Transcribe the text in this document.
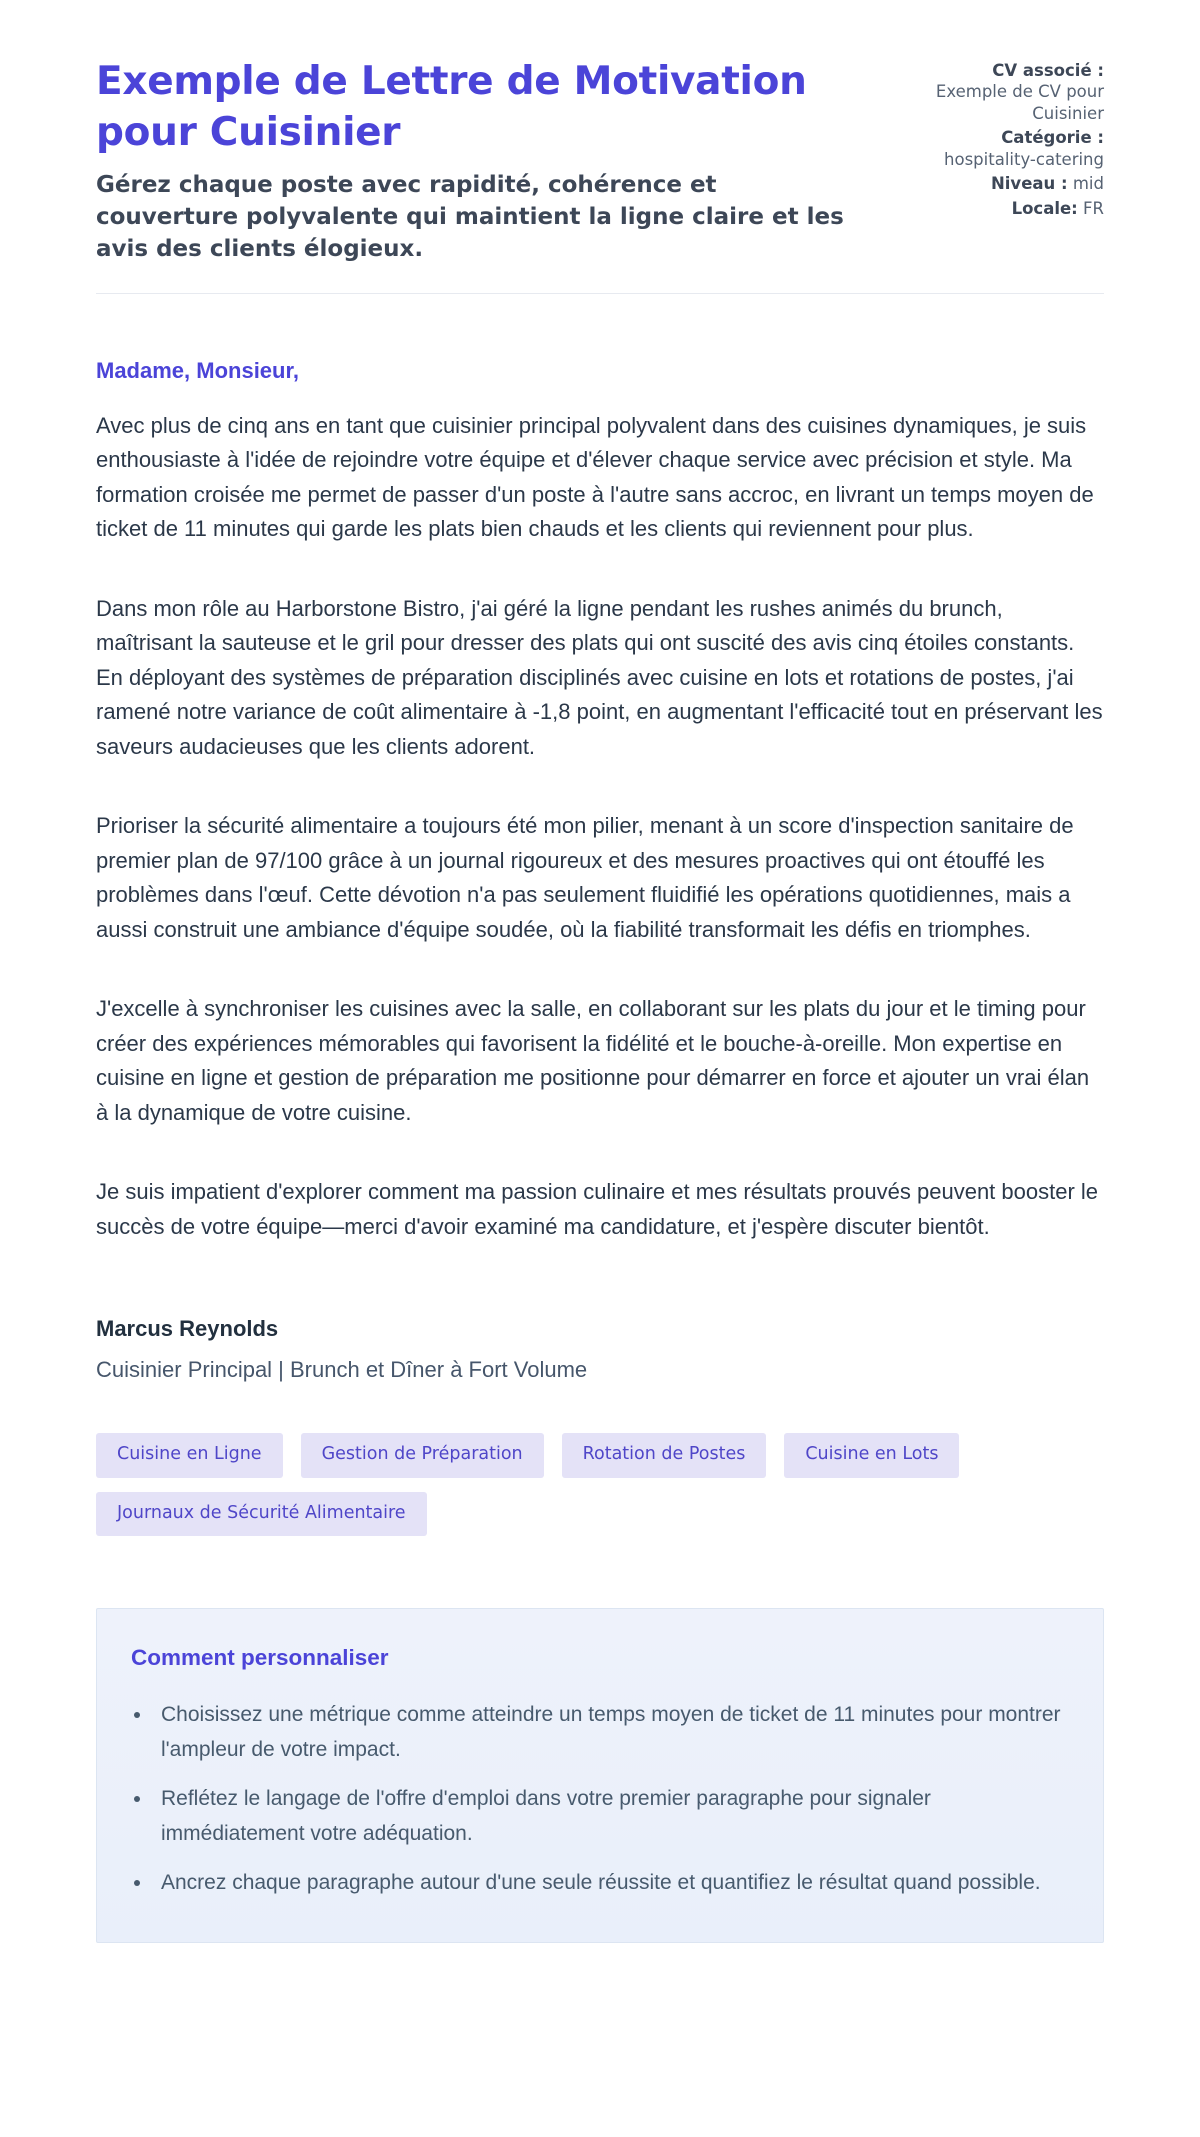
Exemple de Lettre de Motivation pour Cuisinier

Gérez chaque poste avec rapidité, cohérence et couverture polyvalente qui maintient la ligne claire et les avis des clients élogieux.

CV associé : Exemple de CV pour Cuisinier
Catégorie : hospitality-catering
Niveau : mid
Locale: FR

Madame, Monsieur,

Avec plus de cinq ans en tant que cuisinier principal polyvalent dans des cuisines dynamiques, je suis enthousiaste à l'idée de rejoindre votre équipe et d'élever chaque service avec précision et style. Ma formation croisée me permet de passer d'un poste à l'autre sans accroc, en livrant un temps moyen de ticket de 11 minutes qui garde les plats bien chauds et les clients qui reviennent pour plus.

Dans mon rôle au Harborstone Bistro, j'ai géré la ligne pendant les rushes animés du brunch, maîtrisant la sauteuse et le gril pour dresser des plats qui ont suscité des avis cinq étoiles constants. En déployant des systèmes de préparation disciplinés avec cuisine en lots et rotations de postes, j'ai ramené notre variance de coût alimentaire à -1,8 point, en augmentant l'efficacité tout en préservant les saveurs audacieuses que les clients adorent.

Prioriser la sécurité alimentaire a toujours été mon pilier, menant à un score d'inspection sanitaire de premier plan de 97/100 grâce à un journal rigoureux et des mesures proactives qui ont étouffé les problèmes dans l'œuf. Cette dévotion n'a pas seulement fluidifié les opérations quotidiennes, mais a aussi construit une ambiance d'équipe soudée, où la fiabilité transformait les défis en triomphes.

J'excelle à synchroniser les cuisines avec la salle, en collaborant sur les plats du jour et le timing pour créer des expériences mémorables qui favorisent la fidélité et le bouche-à-oreille. Mon expertise en cuisine en ligne et gestion de préparation me positionne pour démarrer en force et ajouter un vrai élan à la dynamique de votre cuisine.

Je suis impatient d'explorer comment ma passion culinaire et mes résultats prouvés peuvent booster le succès de votre équipe—merci d'avoir examiné ma candidature, et j'espère discuter bientôt.

Marcus Reynolds
Cuisinier Principal | Brunch et Dîner à Fort Volume
Cuisine en Ligne	Gestion de Préparation	Rotation de Postes	Cuisine en Lots
Journaux de Sécurité Alimentaire
Comment personnaliser
• Choisissez une métrique comme atteindre un temps moyen de ticket de 11 minutes pour montrer l'ampleur de votre impact.
• Reflétez le langage de l'offre d'emploi dans votre premier paragraphe pour signaler immédiatement votre adéquation.
• Ancrez chaque paragraphe autour d'une seule réussite et quantifiez le résultat quand possible.
